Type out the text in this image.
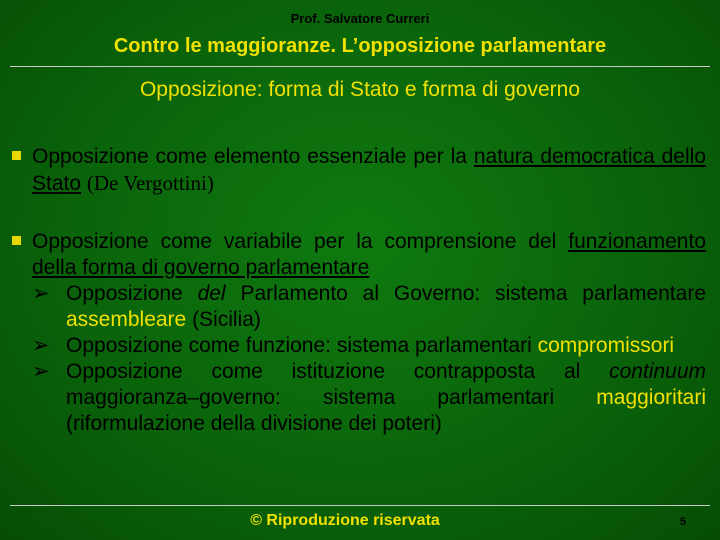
Prof. Salvatore Curreri
Contro le maggioranze. L’opposizione parlamentare
Opposizione: forma di Stato e forma di governo
Opposizione come elemento essenziale per la natura democratica dello Stato (De Vergottini)
Opposizione come variabile per la comprensione del funzionamento della forma di governo parlamentare
➢ Opposizione del Parlamento al Governo: sistema parlamentare assembleare (Sicilia)
➢ Opposizione come funzione: sistema parlamentari compromissori
➢ Opposizione come istituzione contrapposta al continuum maggioranza–governo: sistema parlamentari maggioritari (riformulazione della divisione dei poteri)
© Riproduzione riservata	5
